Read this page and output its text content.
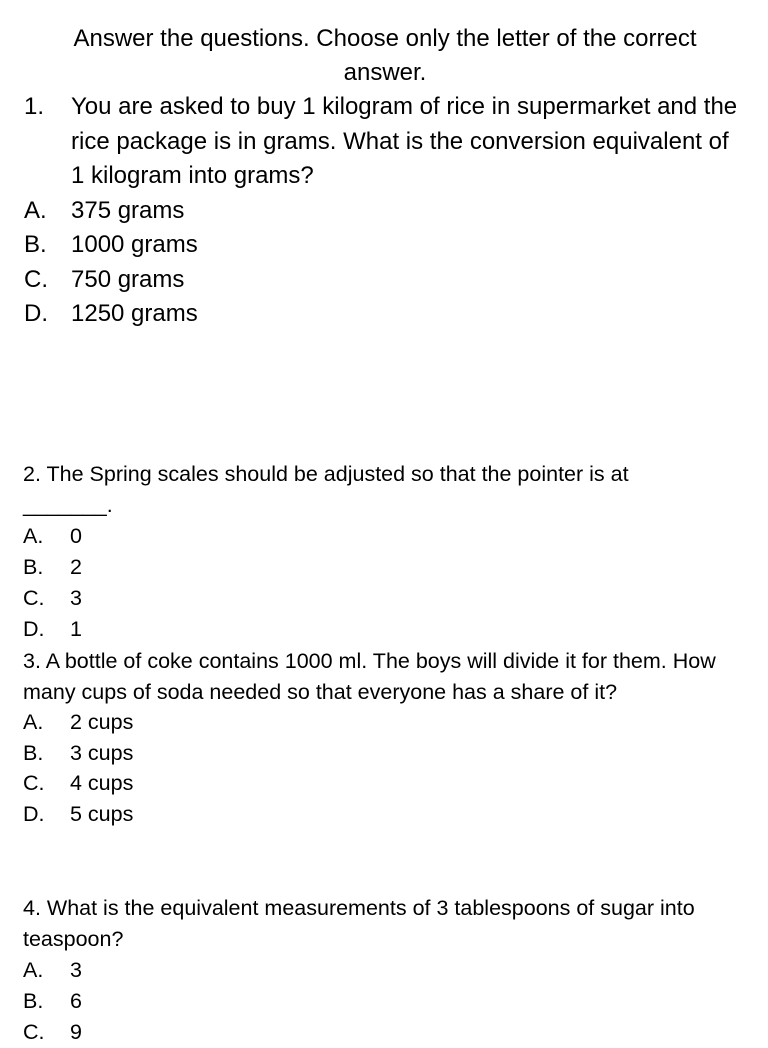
Answer the questions. Choose only the letter of the correct answer.
1. You are asked to buy 1 kilogram of rice in supermarket and the rice package is in grams. What is the conversion equivalent of 1 kilogram into grams?
A. 375 grams
B. 1000 grams
C. 750 grams
D. 1250 grams
2. The Spring scales should be adjusted so that the pointer is at
_______.
A. 0
B. 2
C. 3
D. 1
3. A bottle of coke contains 1000 ml. The boys will divide it for them. How many cups of soda needed so that everyone has a share of it?
A. 2 cups
B. 3 cups
C. 4 cups
D. 5 cups
4. What is the equivalent measurements of 3 tablespoons of sugar into teaspoon?
A. 3
B. 6
C. 9
